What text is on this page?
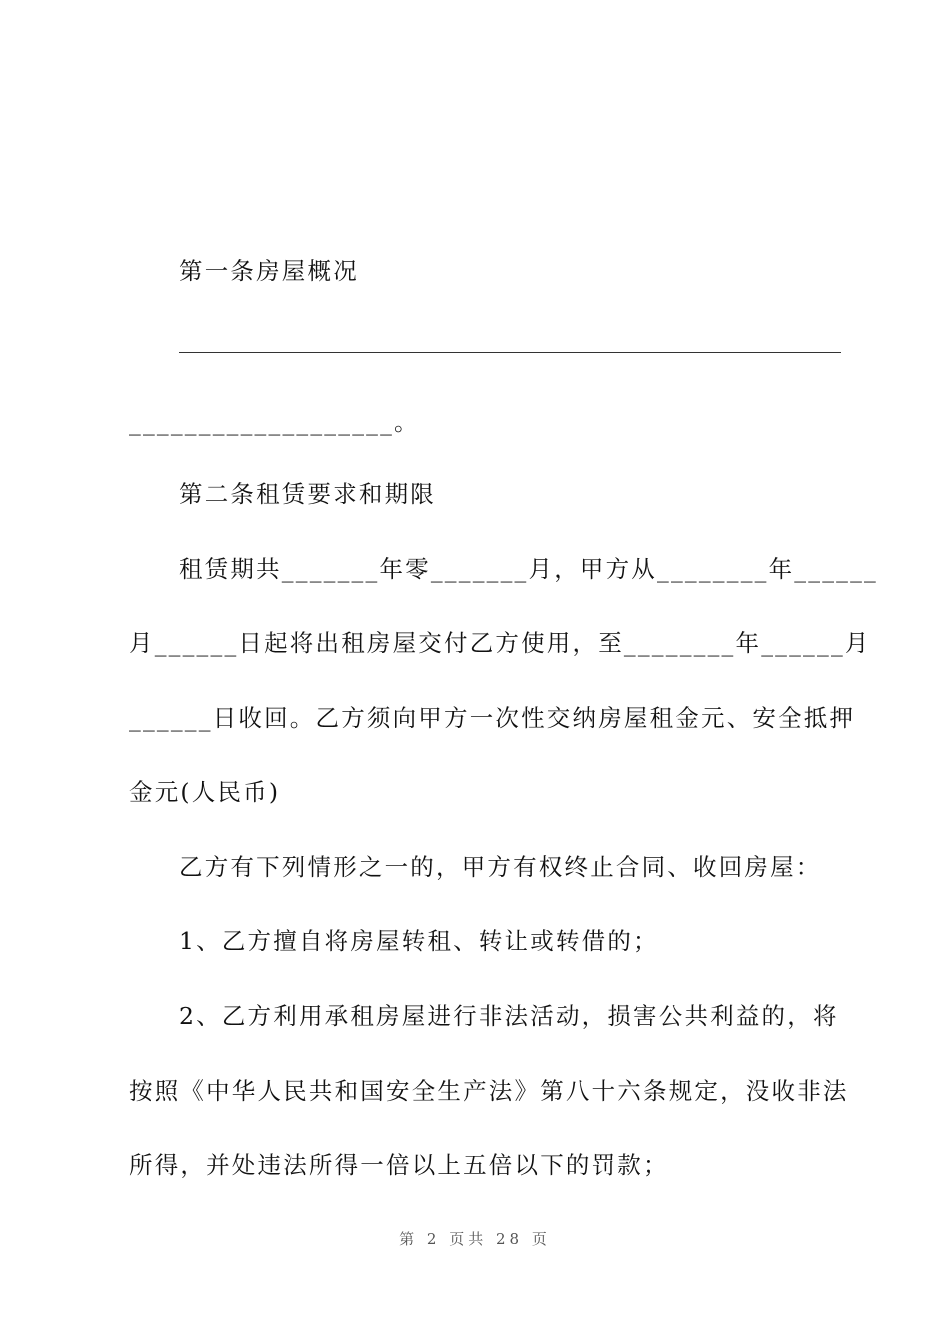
第一条房屋概况
___________________。
第二条租赁要求和期限
租赁期共_______年零_______月，甲方从________年______
月______日起将出租房屋交付乙方使用，至________年______月
______日收回。乙方须向甲方一次性交纳房屋租金元、安全抵押
金元(人民币)
乙方有下列情形之一的，甲方有权终止合同、收回房屋：
1、乙方擅自将房屋转租、转让或转借的；
2、乙方利用承租房屋进行非法活动，损害公共利益的，将
按照《中华人民共和国安全生产法》第八十六条规定，没收非法
所得，并处违法所得一倍以上五倍以下的罚款；
第 2 页共 28 页
